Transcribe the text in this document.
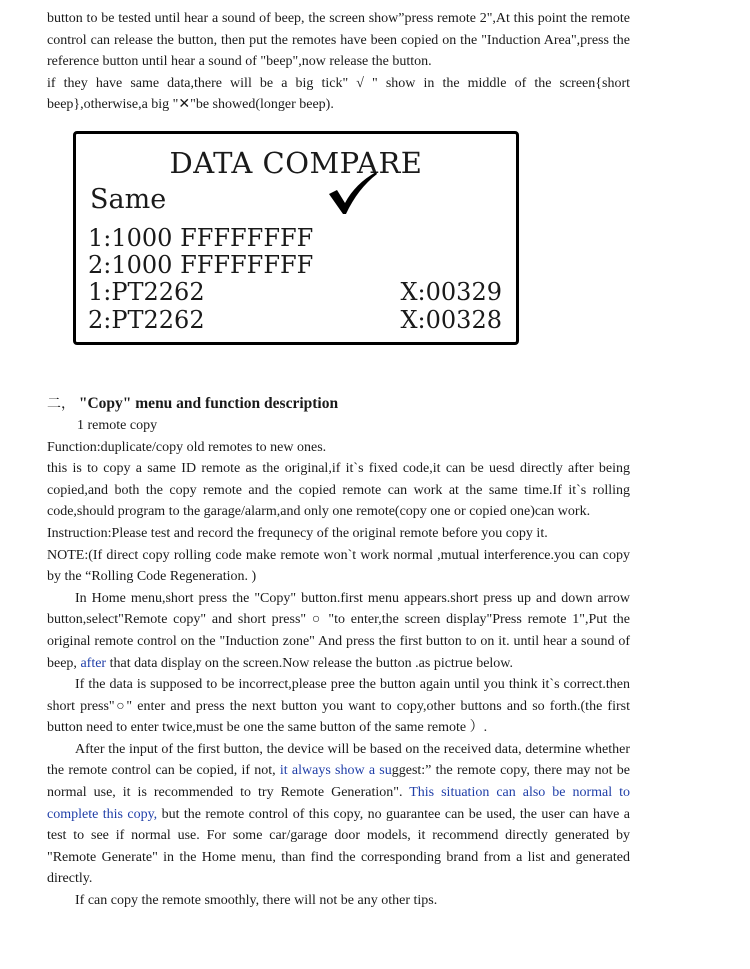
button to be tested until hear a sound of beep, the screen show”press remote 2",At this point the remote control can release the button, then put the remotes have been copied on the "Induction Area",press the reference button until hear a sound of "beep",now release the button.

if they have same data,there will be a big tick" √ " show in the middle of the screen{short beep},otherwise,a big "✕"be showed(longer beep).

DATA COMPARE
Same
1:1000 FFFFFFFF
2:1000 FFFFFFFF
1:PT2262	X:00329
2:PT2262	X:00328
二， "Copy" menu and function description

1 remote copy

Function:duplicate/copy old remotes to new ones.

this is to copy a same ID remote as the original,if it`s fixed code,it can be uesd directly after being copied,and both the copy remote and the copied remote can work at the same time.If it`s rolling code,should program to the garage/alarm,and only one remote(copy one or copied one)can work.

Instruction:Please test and record the frequnecy of the original remote before you copy it.

NOTE:(If direct copy rolling code make remote won`t work normal ,mutual interference.you can copy by the “Rolling Code Regeneration. )

In Home menu,short press the "Copy" button.first menu appears.short press up and down arrow button,select"Remote copy" and short press" ○ "to enter,the screen display"Press remote 1",Put the original remote control on the "Induction zone" And press the first button to on it. until hear a sound of beep, after that data display on the screen.Now release the button .as pictrue below.

If the data is supposed to be incorrect,please pree the button again until you think it`s correct.then short press"○" enter and press the next button you want to copy,other buttons and so forth.(the first button need to enter twice,must be one the same button of the same remote ）.

After the input of the first button, the device will be based on the received data, determine whether the remote control can be copied, if not, it always show a suggest:” the remote copy, there may not be normal use, it is recommended to try Remote Generation". This situation can also be normal to complete this copy, but the remote control of this copy, no guarantee can be used, the user can have a test to see if normal use. For some car/garage door models, it recommend directly generated by "Remote Generate" in the Home menu, than find the corresponding brand from a list and generated directly.

If can copy the remote smoothly, there will not be any other tips.
